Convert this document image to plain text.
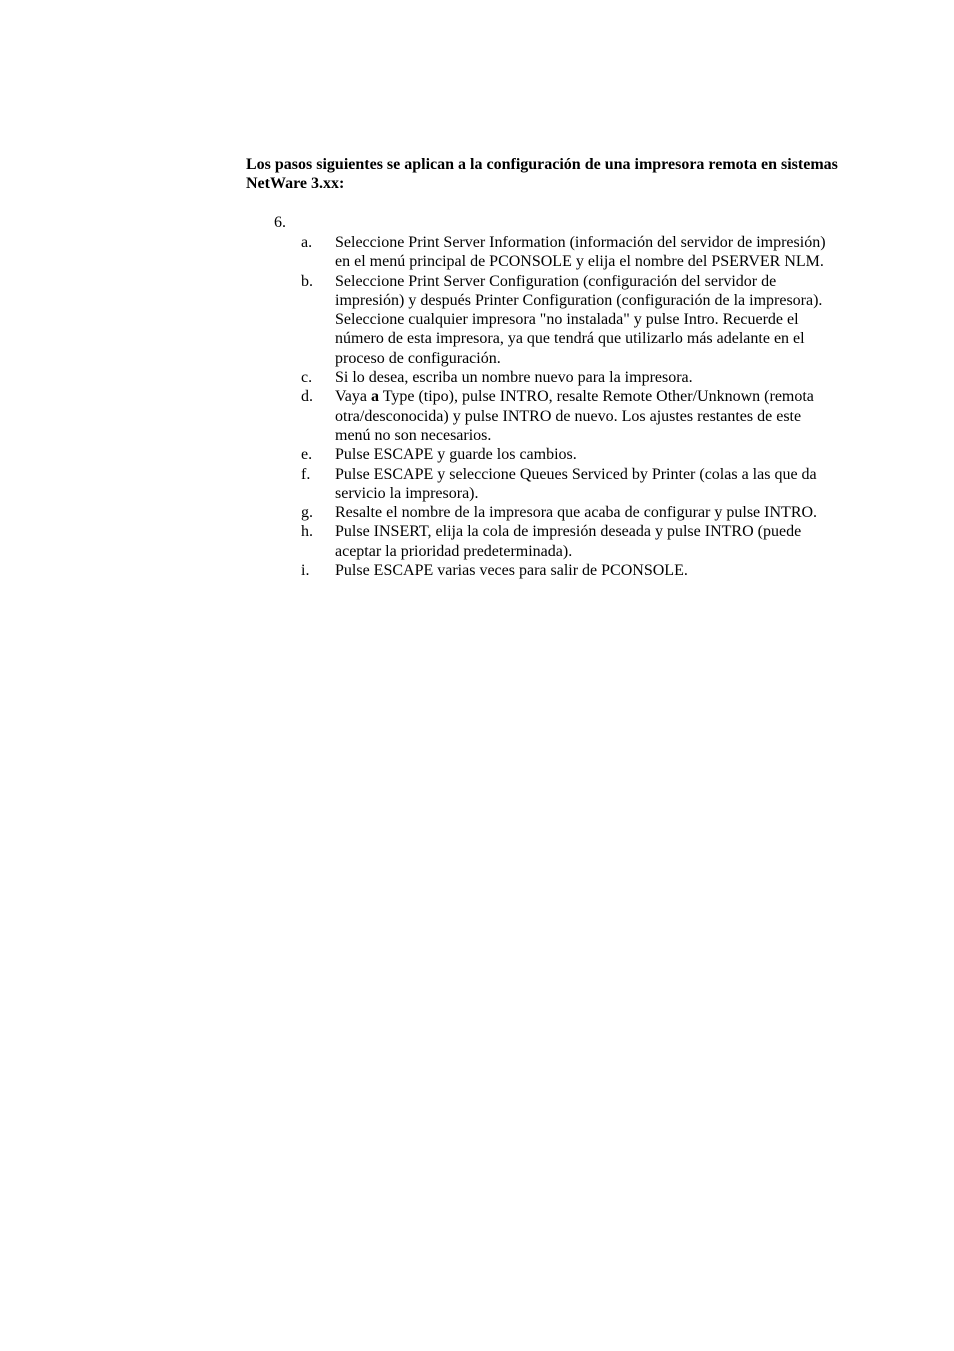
Los pasos siguientes se aplican a la configuración de una impresora remota en sistemas NetWare 3.xx:

6.
a.	Seleccione Print Server Information (información del servidor de impresión) en el menú principal de PCONSOLE y elija el nombre del PSERVER NLM.
b.	Seleccione Print Server Configuration (configuración del servidor de impresión) y después Printer Configuration (configuración de la impresora). Seleccione cualquier impresora "no instalada" y pulse Intro. Recuerde el número de esta impresora, ya que tendrá que utilizarlo más adelante en el proceso de configuración.
c.	Si lo desea, escriba un nombre nuevo para la impresora.
d.	Vaya a Type (tipo), pulse INTRO, resalte Remote Other/Unknown (remota otra/desconocida) y pulse INTRO de nuevo. Los ajustes restantes de este menú no son necesarios.
e.	Pulse ESCAPE y guarde los cambios.
f.	Pulse ESCAPE y seleccione Queues Serviced by Printer (colas a las que da servicio la impresora).
g.	Resalte el nombre de la impresora que acaba de configurar y pulse INTRO.
h.	Pulse INSERT, elija la cola de impresión deseada y pulse INTRO (puede aceptar la prioridad predeterminada).
i.	Pulse ESCAPE varias veces para salir de PCONSOLE.
